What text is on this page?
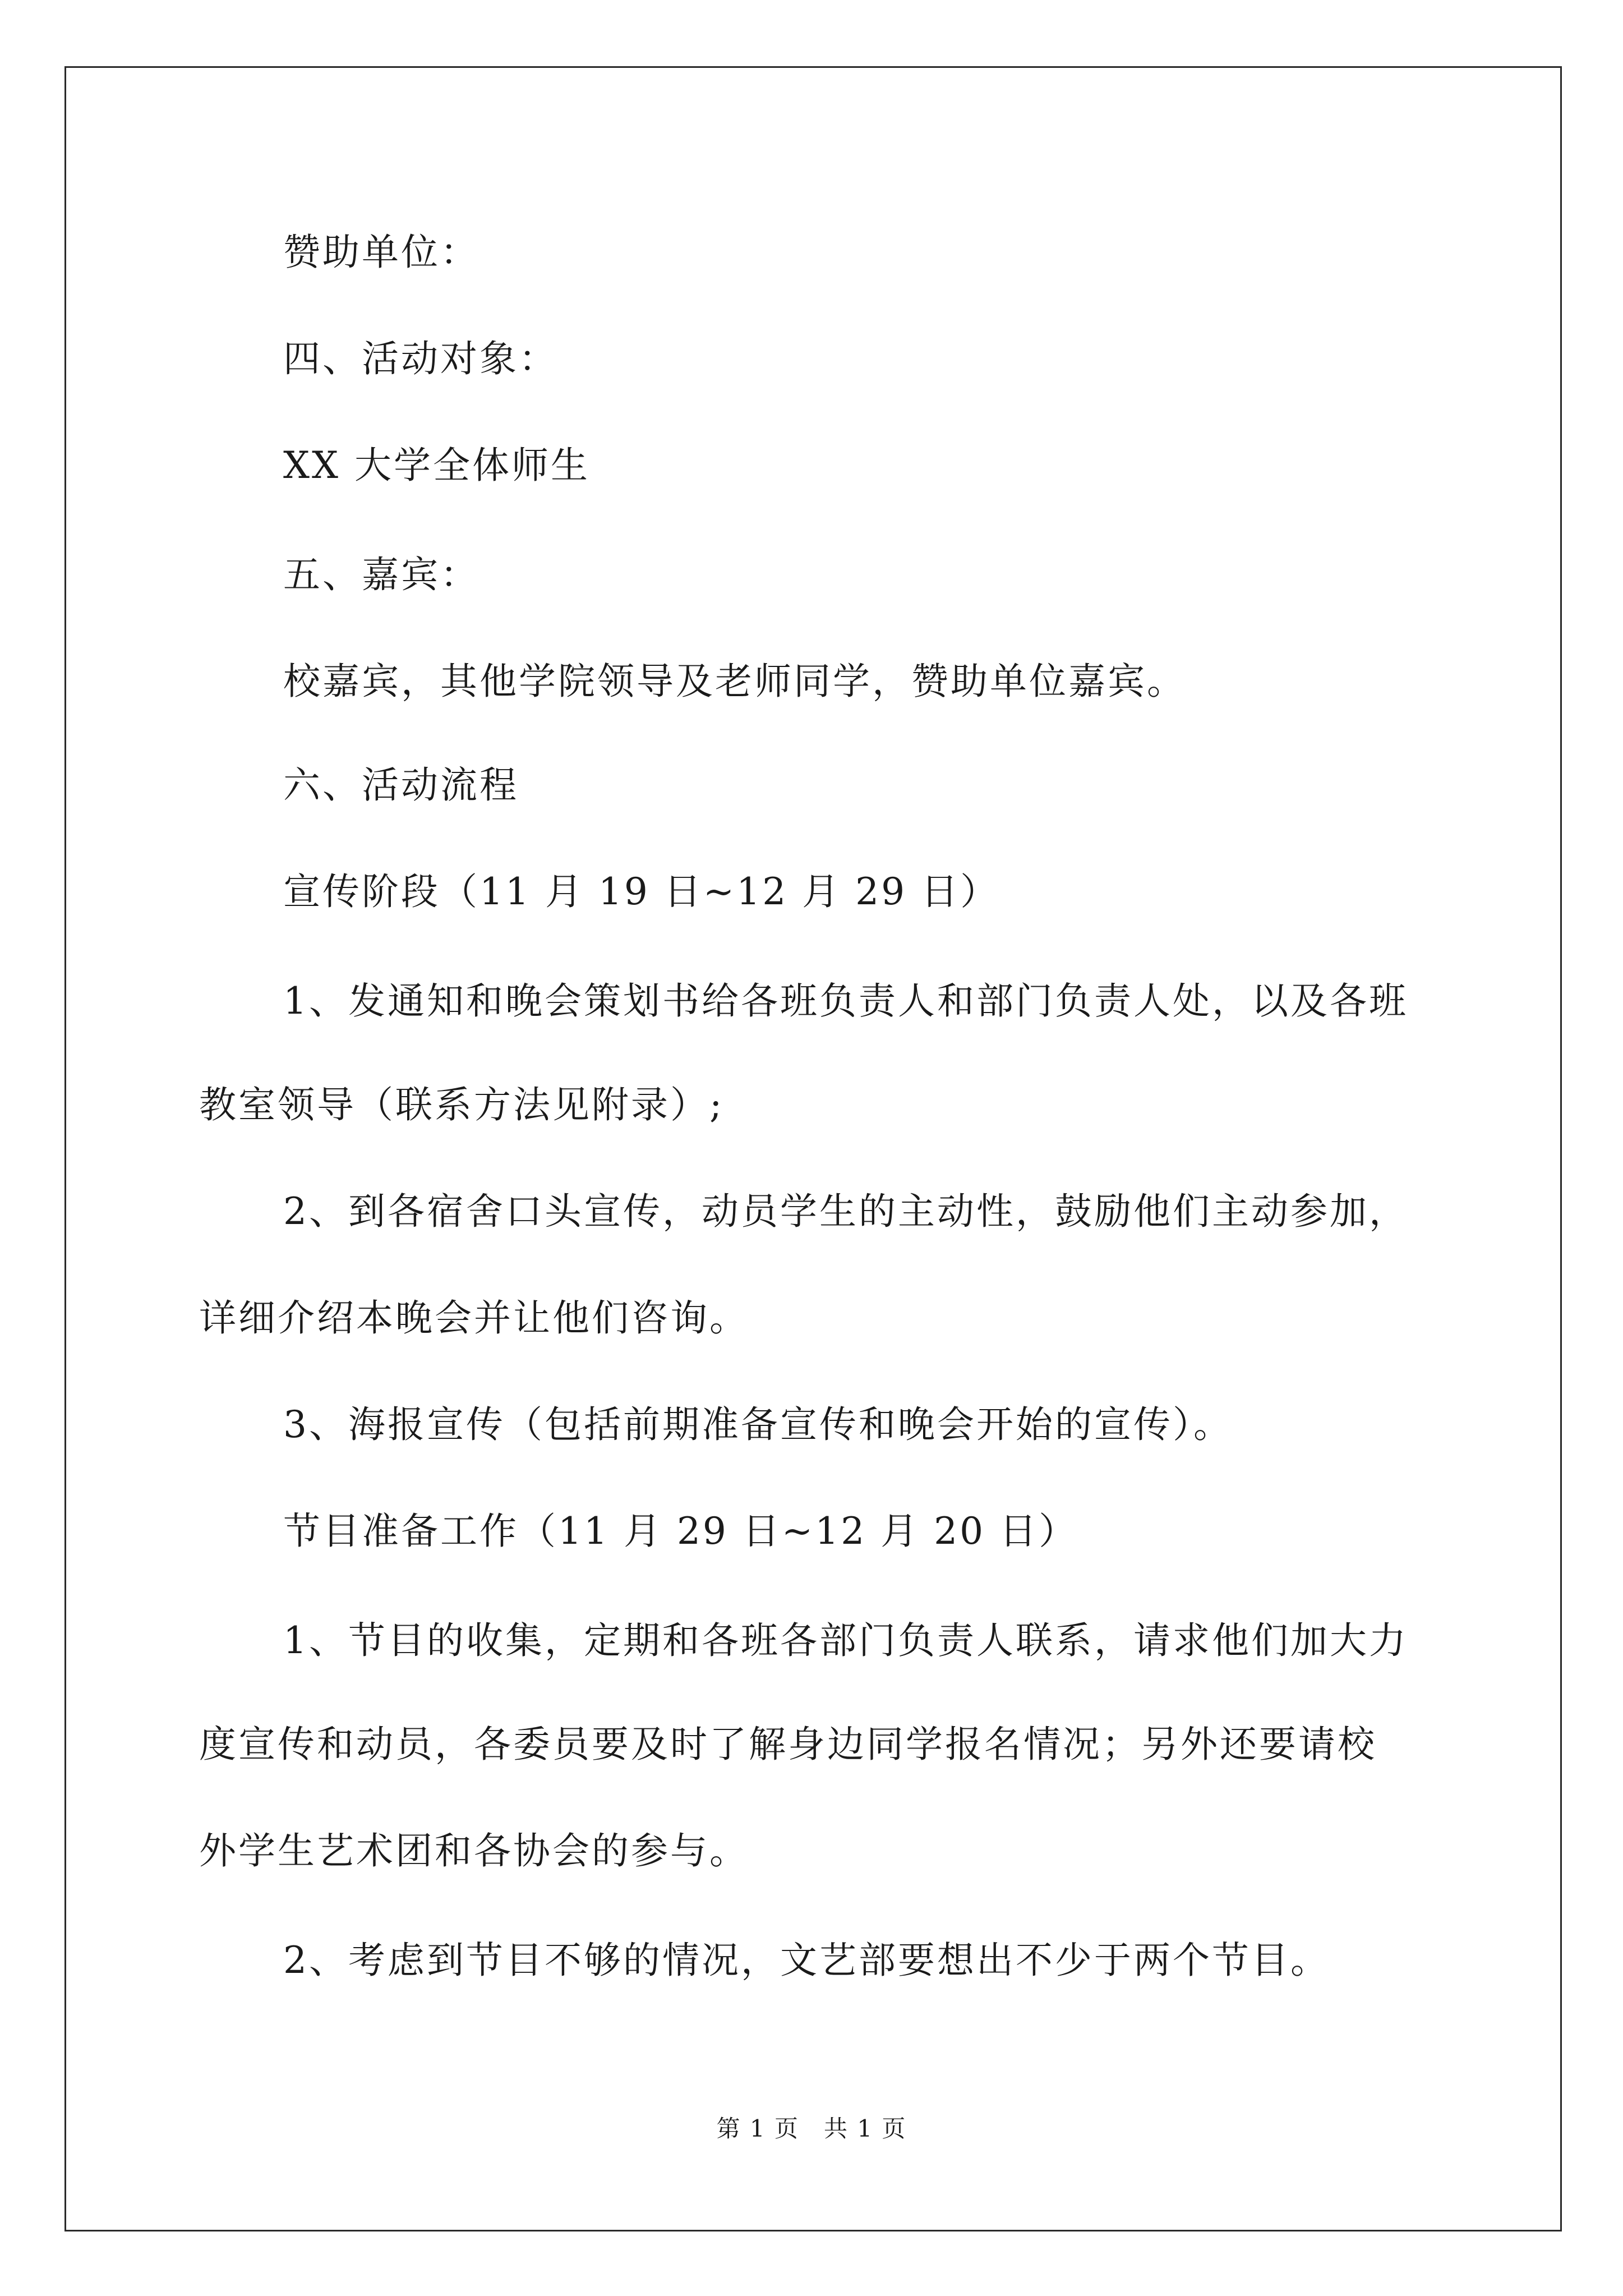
赞助单位：
四、活动对象：
XX 大学全体师生
五、嘉宾：
校嘉宾，其他学院领导及老师同学，赞助单位嘉宾。
六、活动流程
宣传阶段（11 月 19 日~12 月 29 日）
1、发通知和晚会策划书给各班负责人和部门负责人处，以及各班
教室领导（联系方法见附录）;
2、到各宿舍口头宣传，动员学生的主动性，鼓励他们主动参加，
详细介绍本晚会并让他们咨询。
3、海报宣传（包括前期准备宣传和晚会开始的宣传）。
节目准备工作（11 月 29 日~12 月 20 日）
1、节目的收集，定期和各班各部门负责人联系，请求他们加大力
度宣传和动员，各委员要及时了解身边同学报名情况；另外还要请校
外学生艺术团和各协会的参与。
2、考虑到节目不够的情况，文艺部要想出不少于两个节目。
第 1 页　共 1 页
